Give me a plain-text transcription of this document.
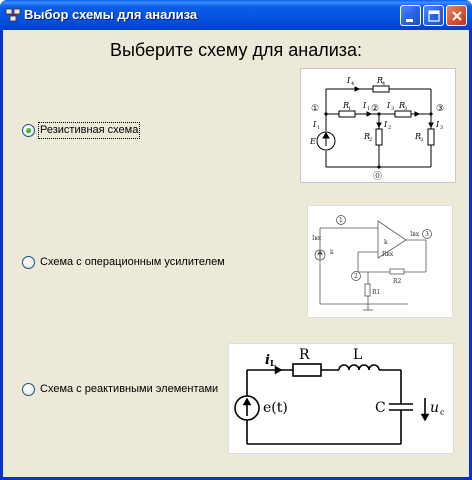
Выбор схемы для анализа
Выберите схему для анализа:
Резистивная схема
Схема с операционным усилителем
Схема с реактивными элементами
I 4	R
4
R
1 I 1	R
3
I 3
I 1	I 2	I 3
E
R
2	R
3
①	②	③
⓪
1
3
2
Iвх
k
k
Iвх
R2
R1
Rвх
i L R	L
C
e(t)	u c
